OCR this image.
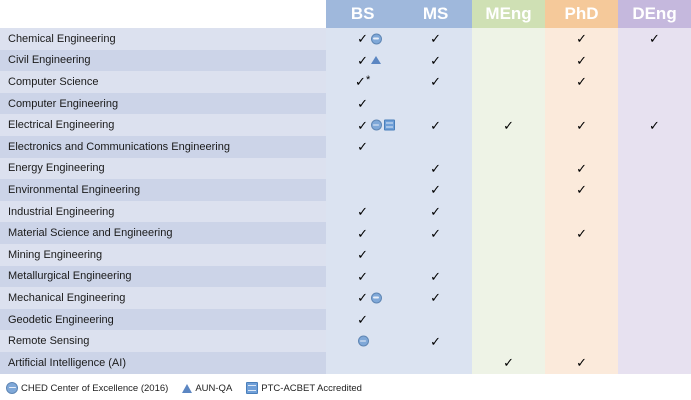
	BS	MS	MEng	PhD	DEng
Chemical Engineering	✓	✓		✓	✓
Civil Engineering	✓	✓		✓	
Computer Science	✓*	✓		✓	
Computer Engineering	✓				
Electrical Engineering	✓	✓	✓	✓	✓
Electronics and Communications Engineering	✓				
Energy Engineering		✓		✓	
Environmental Engineering		✓		✓	
Industrial Engineering	✓	✓			
Material Science and Engineering	✓	✓		✓	
Mining Engineering	✓				
Metallurgical Engineering	✓	✓			
Mechanical Engineering	✓	✓			
Geodetic Engineering	✓				
Remote Sensing		✓			
Artificial Intelligence (AI)			✓	✓	
CHED Center of Excellence (2016)	AUN-QA	PTC-ACBET Accredited
